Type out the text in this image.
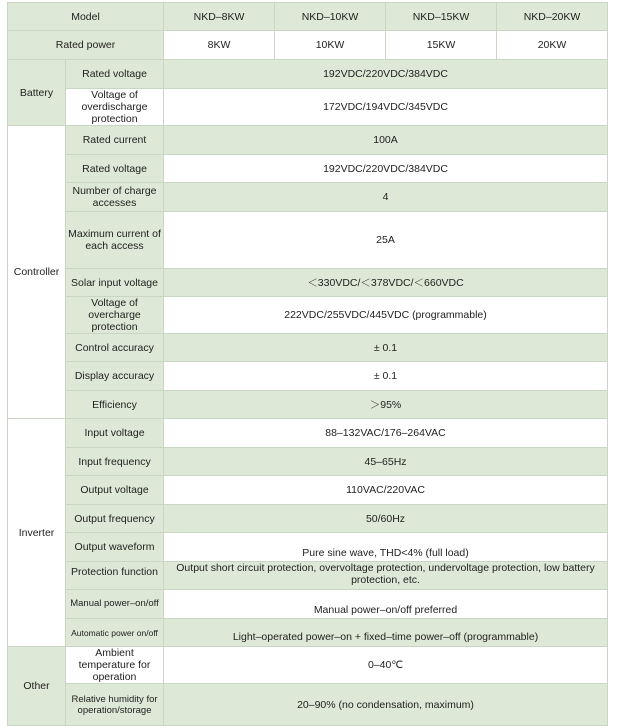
Model		NKD–8KW	NKD–10KW	NKD–15KW	NKD–20KW
Rated power		8KW	10KW	15KW	20KW
Battery	Rated voltage	192VDC/220VDC/384VDC			
	Voltage of overdischarge protection	172VDC/194VDC/345VDC			
Controller	Rated current	100A			
	Rated voltage	192VDC/220VDC/384VDC			
	Number of charge accesses	4			
	Maximum current of each access	25A			
	Solar input voltage	＜330VDC/＜378VDC/＜660VDC			
	Voltage of overcharge protection	222VDC/255VDC/445VDC (programmable)			
	Control accuracy	± 0.1			
	Display accuracy	± 0.1			
	Efficiency	＞95%			
Inverter	Input voltage	88–132VAC/176–264VAC			
	Input frequency	45–65Hz			
	Output voltage	110VAC/220VAC			
	Output frequency	50/60Hz			
	Output waveform	Pure sine wave, THD<4% (full load)			
	Protection function	Output short circuit protection, overvoltage protection, undervoltage protection, low battery protection, etc.			
	Manual power–on/off	Manual power–on/off preferred			
	Automatic power on/off	Light–operated power–on + fixed–time power–off (programmable)			
Other	Ambient temperature for operation	0–40℃			
	Relative humidity for operation/storage	20–90% (no condensation, maximum)			
